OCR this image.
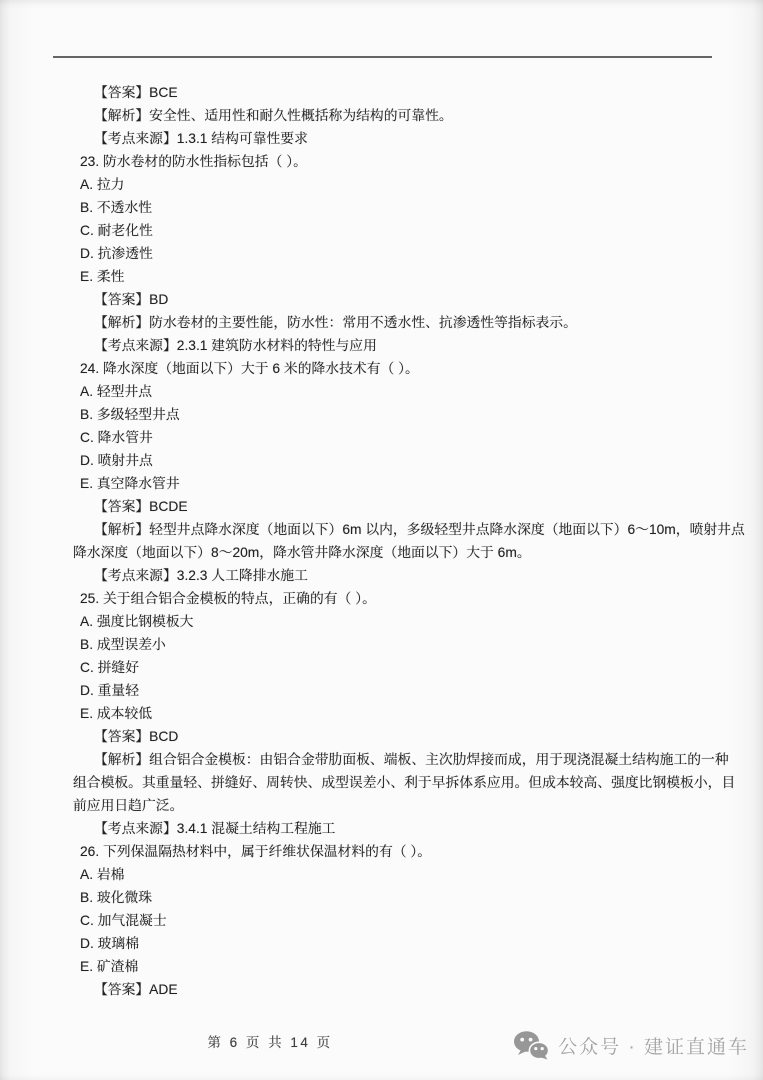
【答案】BCE

【解析】安全性、适用性和耐久性概括称为结构的可靠性。

【考点来源】1.3.1 结构可靠性要求

23. 防水卷材的防水性指标包括（ ）。

A. 拉力

B. 不透水性

C. 耐老化性

D. 抗渗透性

E. 柔性

【答案】BD

【解析】防水卷材的主要性能，防水性：常用不透水性、抗渗透性等指标表示。

【考点来源】2.3.1 建筑防水材料的特性与应用

24. 降水深度（地面以下）大于 6 米的降水技术有（ ）。

A. 轻型井点

B. 多级轻型井点

C. 降水管井

D. 喷射井点

E. 真空降水管井

【答案】BCDE

【解析】轻型井点降水深度（地面以下）6m 以内，多级轻型井点降水深度（地面以下）6～10m，喷射井点

降水深度（地面以下）8～20m，降水管井降水深度（地面以下）大于 6m。

【考点来源】3.2.3 人工降排水施工

25. 关于组合铝合金模板的特点，正确的有（ ）。

A. 强度比钢模板大

B. 成型误差小

C. 拼缝好

D. 重量轻

E. 成本较低

【答案】BCD

【解析】组合铝合金模板：由铝合金带肋面板、端板、主次肋焊接而成，用于现浇混凝土结构施工的一种

组合模板。其重量轻、拼缝好、周转快、成型误差小、利于早拆体系应用。但成本较高、强度比钢模板小，目

前应用日趋广泛。

【考点来源】3.4.1 混凝土结构工程施工

26. 下列保温隔热材料中，属于纤维状保温材料的有（ ）。

A. 岩棉

B. 玻化微珠

C. 加气混凝士

D. 玻璃棉

E. 矿渣棉

【答案】ADE

第 6 页 共 14 页	公众号 · 建证直通车
